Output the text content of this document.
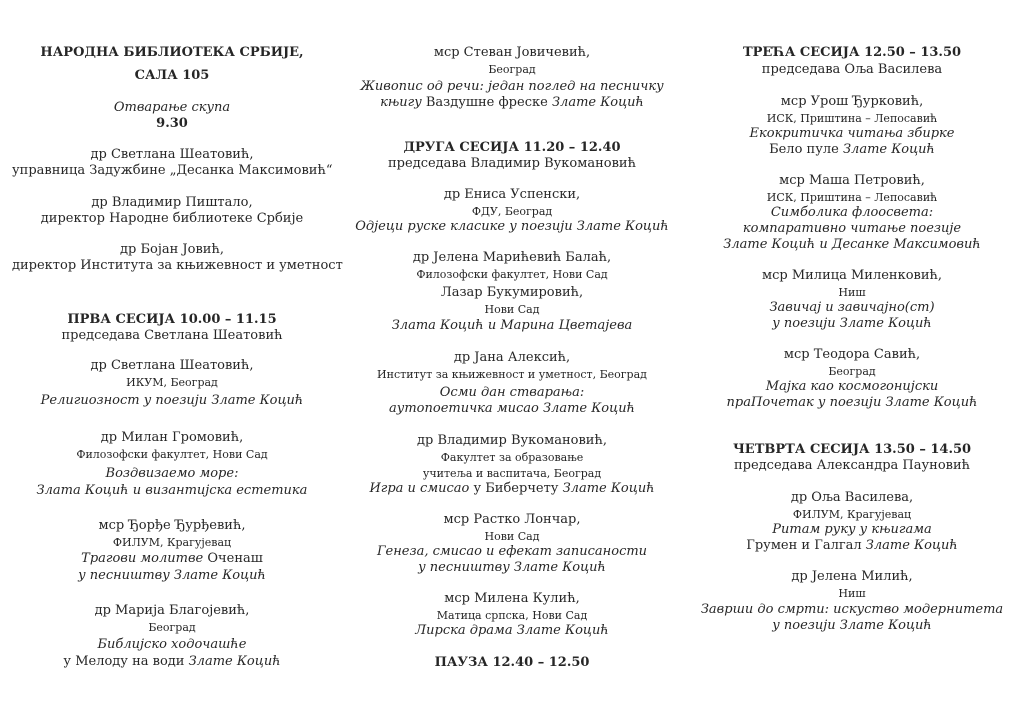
НАРОДНА БИБЛИОТЕКА СРБИЈЕ,
САЛА 105
Отварање скупа
9.30
др Светлана Шеатовић,
управница Задужбине „Десанка Максимовић“
др Владимир Пиштало,
директор Народне библиотеке Србије
др Бојан Јовић,
директор Института за књижевност и уметност
ПРВА СЕСИЈА 10.00 – 11.15
председава Светлана Шеатовић
др Светлана Шеатовић,
ИКУМ, Београд
Религиозност у поезији Злате Коцић
др Милан Громовић,
Филозофски факултет, Нови Сад
Воздвизаемо море:
Злата Коцић и византијска естетика
мср Ђорђе Ђурђевић,
ФИЛУМ, Крагујевац
Трагови молитве Оченаш
у песништву Злате Коцић
др Марија Благојевић,
Београд
Библијско ходочашће
у Мелоду на води Злате Коцић
мср Стеван Јовичевић,
Београд
Живопис од речи: један поглед на песничку
књигу Ваздушне фреске Злате Коцић
ДРУГА СЕСИЈА 11.20 – 12.40
председава Владимир Вукомановић
др Ениса Успенски,
ФДУ, Београд
Одјеци руске класике у поезији Злате Коцић
др Јелена Марићевић Балаћ,
Филозофски факултет, Нови Сад
Лазар Букумировић,
Нови Сад
Злата Коцић и Марина Цветајева
др Јана Алексић,
Институт за књижевност и уметност, Београд
Осми дан стварања:
аутопоетичка мисао Злате Коцић
др Владимир Вукомановић,
Факултет за образовање
учитеља и васпитача, Београд
Игра и смисао у Биберчету Злате Коцић
мср Растко Лончар,
Нови Сад
Генеза, смисао и ефекат записаности
у песништву Злате Коцић
мср Милена Кулић,
Матица српска, Нови Сад
Лирска драма Злате Коцић
ПАУЗА 12.40 – 12.50
ТРЕЋА СЕСИЈА 12.50 – 13.50
председава Оља Василева
мср Урош Ђурковић,
ИСК, Приштина – Лепосавић
Екокритичка читања збирке
Бело пуле Злате Коцић
мср Маша Петровић,
ИСК, Приштина – Лепосавић
Симболика флоосвета:
компаративно читање поезије
Злате Коцић и Десанке Максимовић
мср Милица Миленковић,
Ниш
Завичај и завичајно(ст)
у поезији Злате Коцић
мср Теодора Савић,
Београд
Мајка као космогонијски
праПочетак у поезији Злате Коцић
ЧЕТВРТА СЕСИЈА 13.50 – 14.50
председава Александра Пауновић
др Оља Василева,
ФИЛУМ, Крагујевац
Ритам руку у књигама
Грумен и Галгал Злате Коцић
др Јелена Милић,
Ниш
Заврши до смрти: искуство модернитета
у поезији Злате Коцић
